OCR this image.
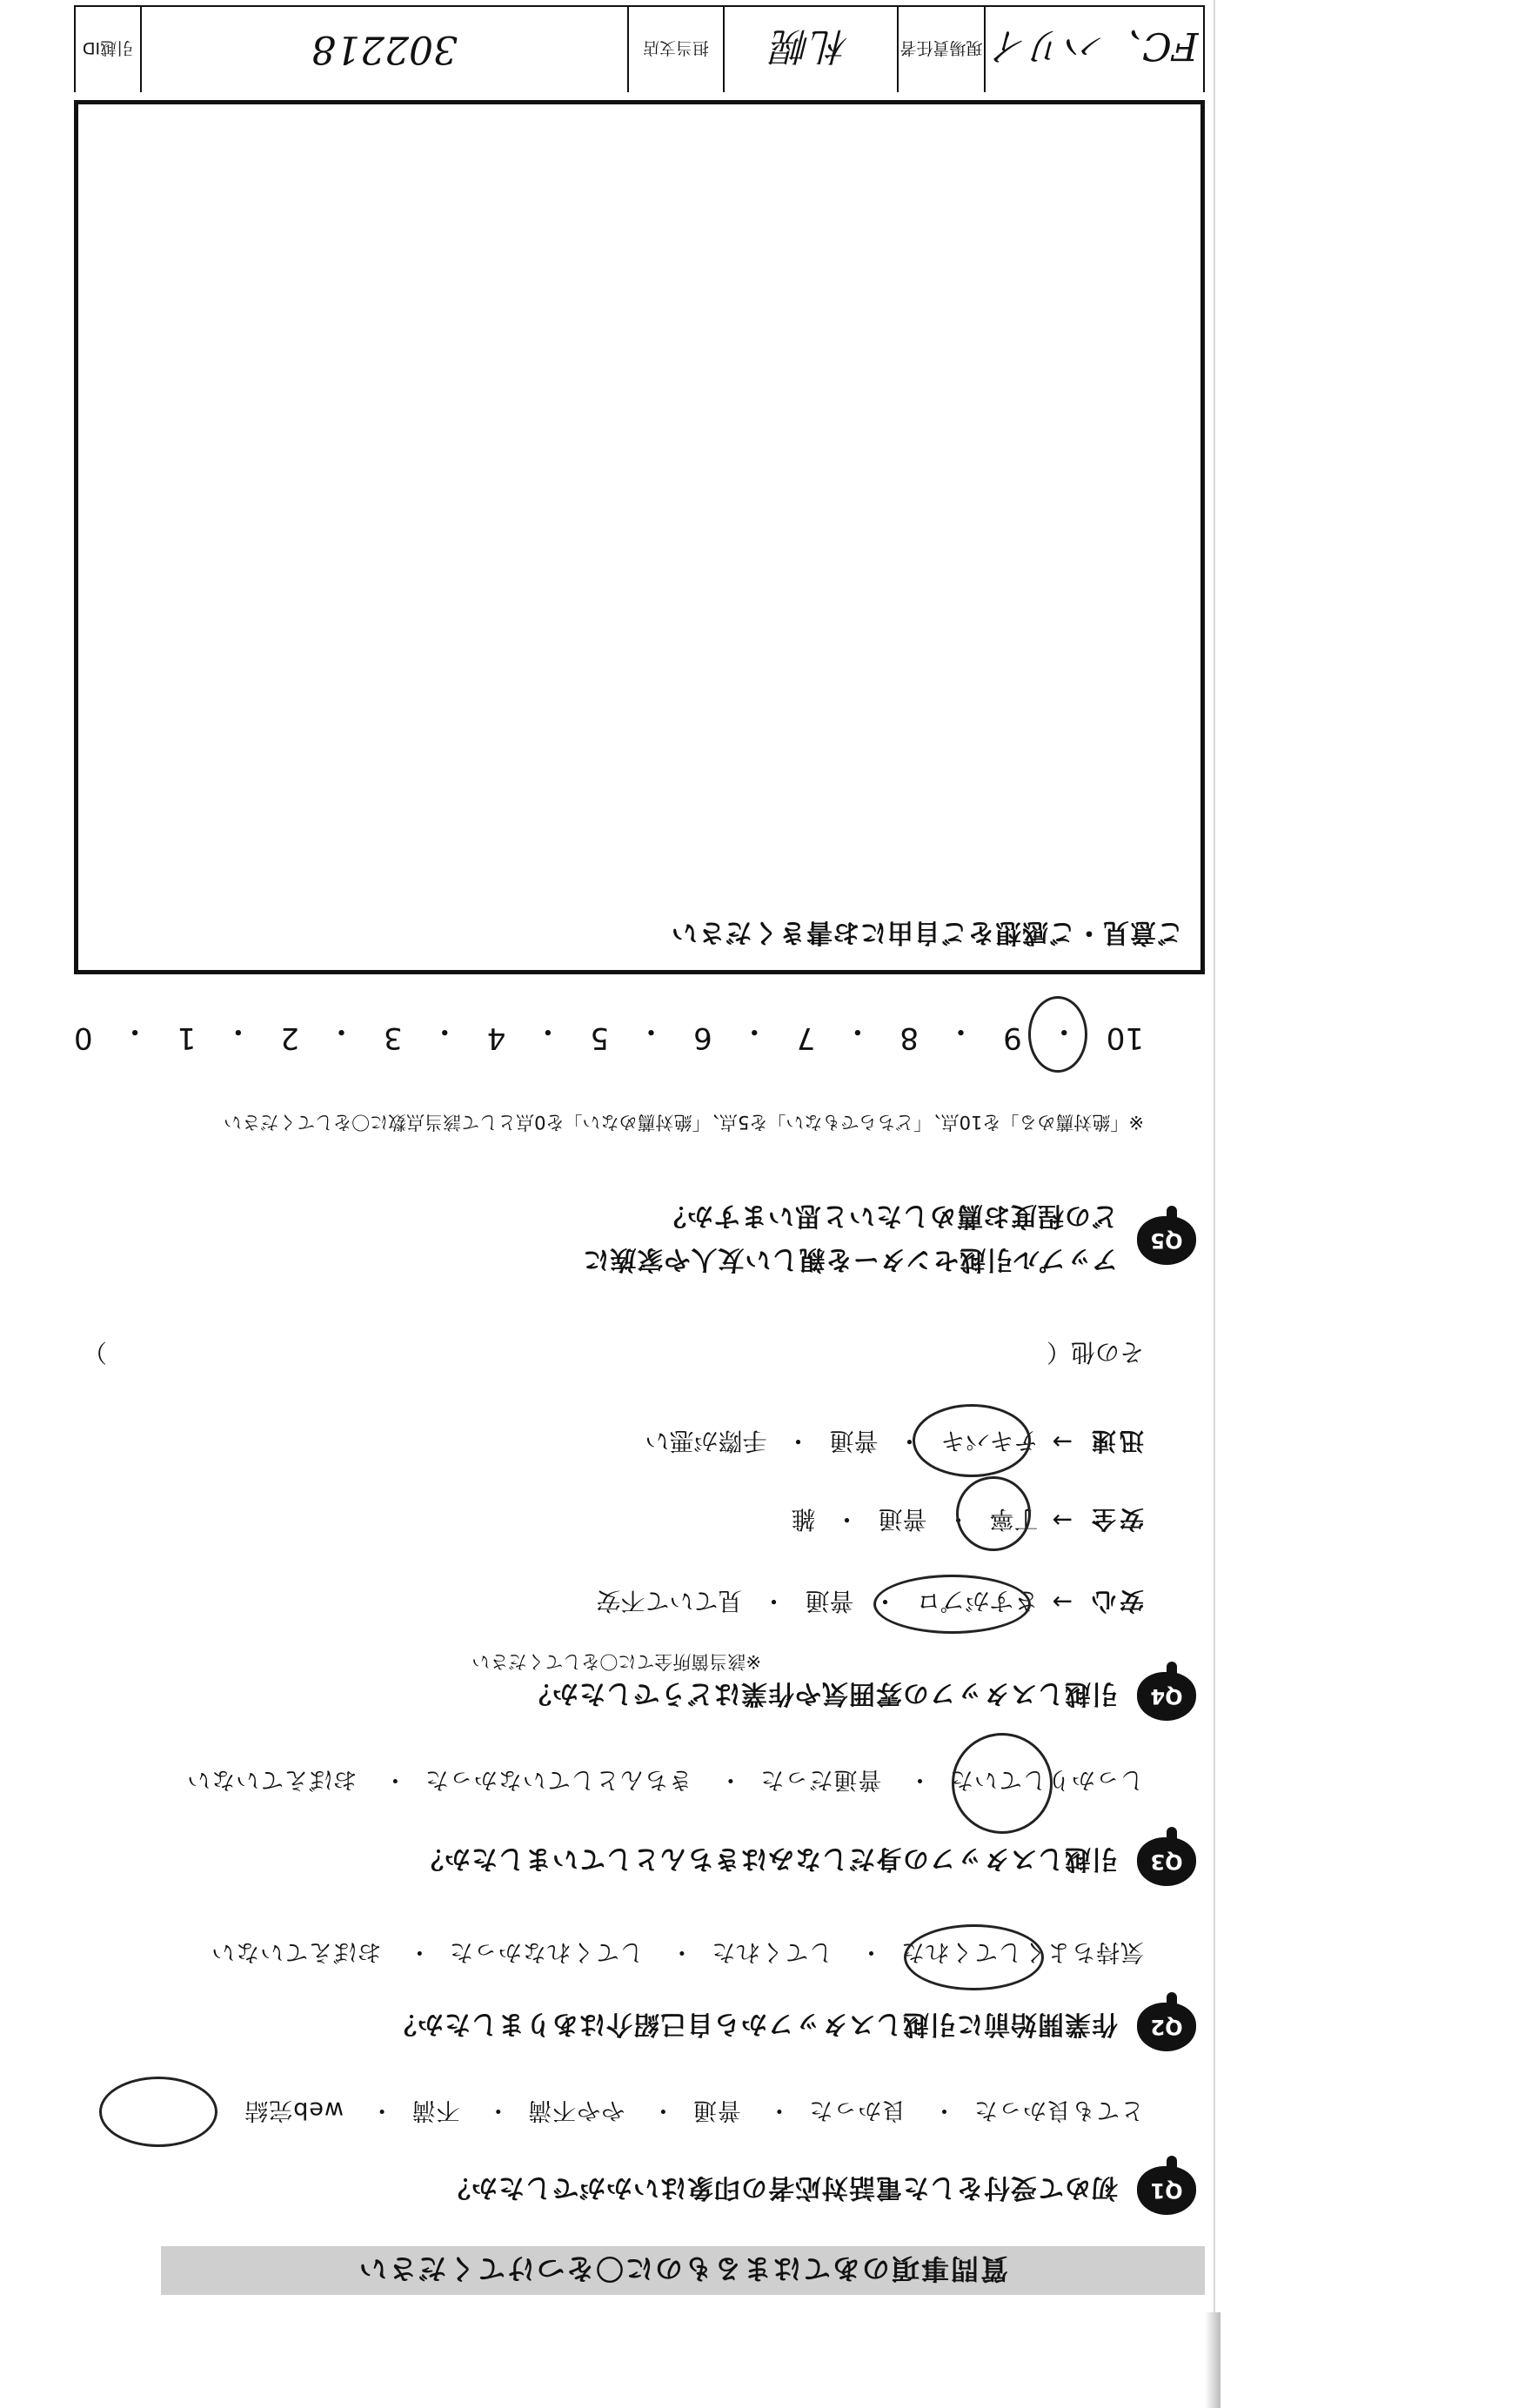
質問事項のあてはまるものに〇をつけてください
Q1
初めて受付をした電話対応者の印象はいかがでしたか？
とても良かった・ 良かった・ 普通・ やや不満・ 不満・ web完結
Q2
作業開始前に引越しスタッフから自己紹介はありましたか？
気持ちよくしてくれた・ してくれた・ してくれなかった・ おぼえていない
Q3
引越しスタッフの身だしなみはきちんとしていましたか？
しっかりしていた・ 普通だった・ きちんとしていなかった・ おぼえていない
Q4
引越しスタッフの雰囲気や作業はどうでしたか？
※該当箇所全てに〇をしてください
安心
→
さすがプロ
・
普通
・
見ていて不安
安全
→
丁寧
・
普通
・
雑
迅速
→
テキパキ
・
普通
・
手際が悪い
その他（
）
Q5
アップル引越センターを親しい友人や家族に
どの程度お薦めしたいと思いますか？
※「絶対薦める」を10点、「どちらでもない」を5点、「絶対薦めない」を0点として該当点数に〇をしてください
10
・
9
・
8
・
7
・
6
・
5
・
4
・
3
・
2
・
1
・
0
ご意見・ご感想をご自由にお書きください
FC、ハリイ
現場責任者
札幌
担当支店
302218
引越ID
